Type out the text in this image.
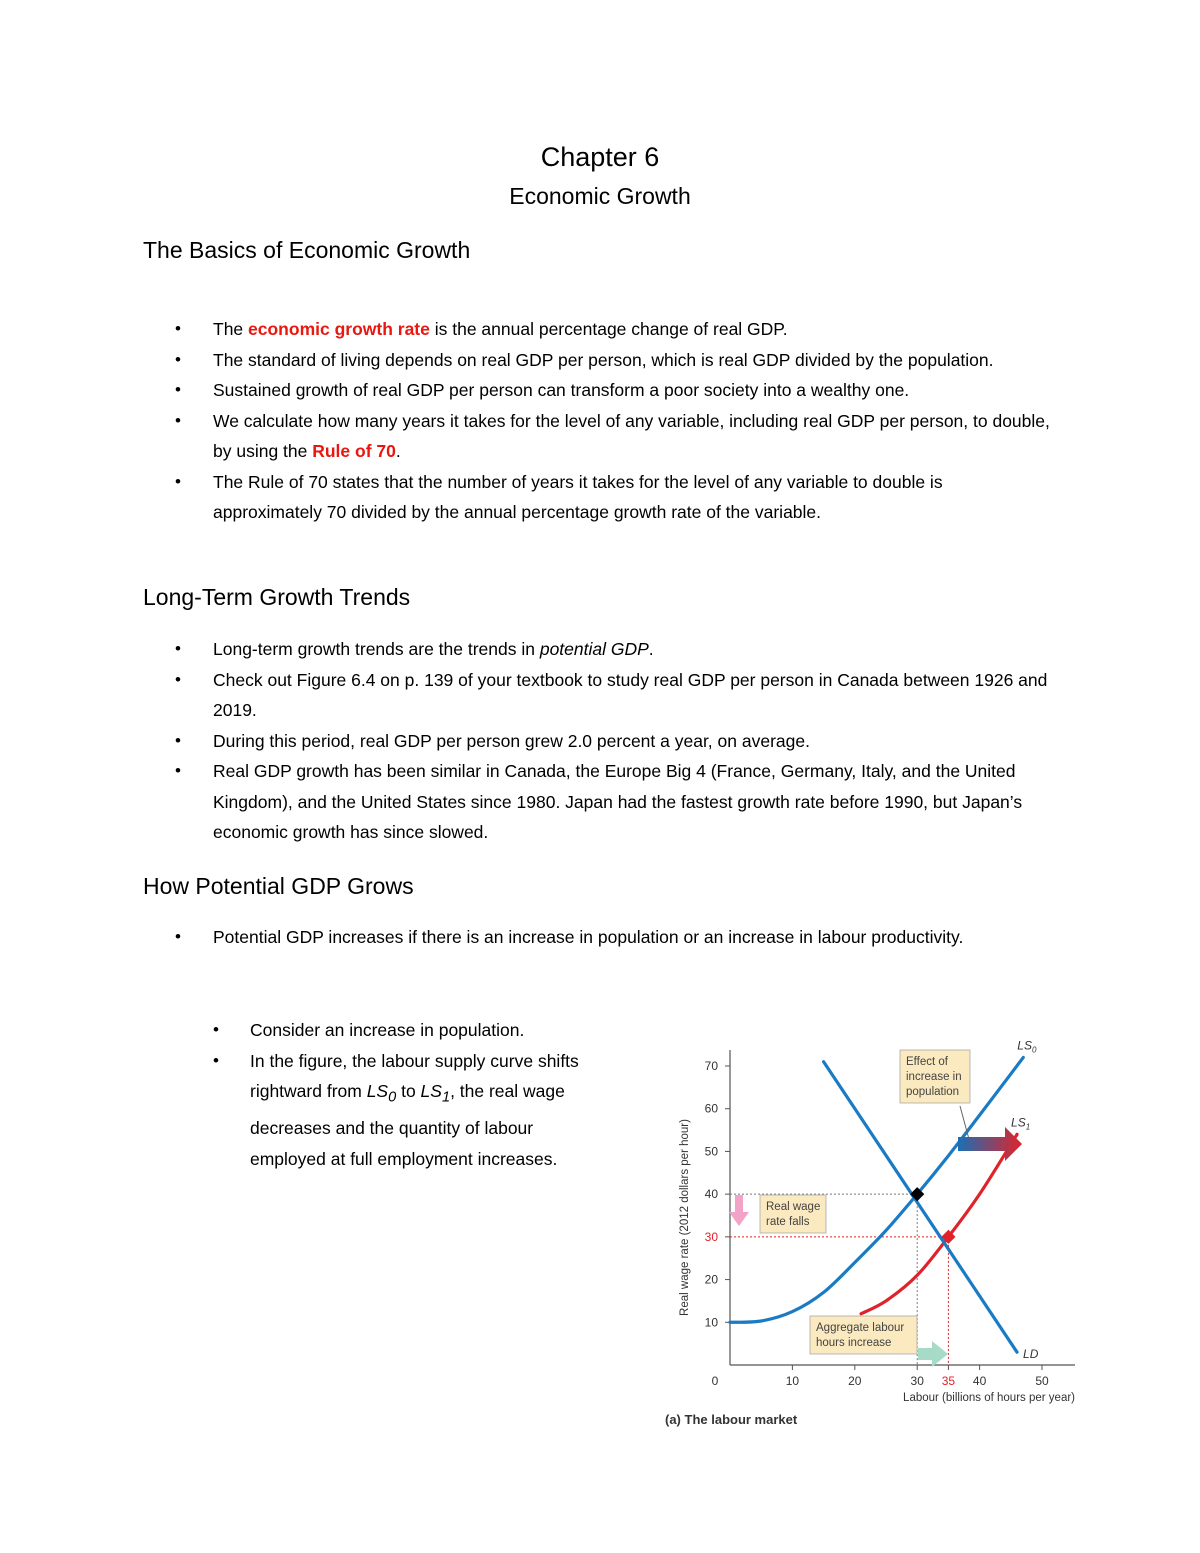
Chapter 6
Economic Growth
The Basics of Economic Growth
• The economic growth rate is the annual percentage change of real GDP.
• The standard of living depends on real GDP per person, which is real GDP divided by the population.
• Sustained growth of real GDP per person can transform a poor society into a wealthy one.
• We calculate how many years it takes for the level of any variable, including real GDP per person, to double, by using the Rule of 70.
• The Rule of 70 states that the number of years it takes for the level of any variable to double is approximately 70 divided by the annual percentage growth rate of the variable.
Long-Term Growth Trends
• Long-term growth trends are the trends in potential GDP.
• Check out Figure 6.4 on p. 139 of your textbook to study real GDP per person in Canada between 1926 and 2019.
• During this period, real GDP per person grew 2.0 percent a year, on average.
• Real GDP growth has been similar in Canada, the Europe Big 4 (France, Germany, Italy, and the United Kingdom), and the United States since 1980. Japan had the fastest growth rate before 1990, but Japan’s economic growth has since slowed.
How Potential GDP Grows
• Potential GDP increases if there is an increase in population or an increase in labour productivity.
• Consider an increase in population.
• In the figure, the labour supply curve shifts rightward from $LS_0$ to $LS_1$, the real wage decreases and the quantity of labour employed at full employment increases.
10
20
30
40
50
60
70
0	10	20	30 35 40	50
Labour (billions of hours per year)
Real wage rate (2012 dollars per hour)
$LS_0$
$LS_1$
LD
Effect of
increase in
population
Real wage
rate falls
Aggregate labour
hours increase
(a) The labour market
